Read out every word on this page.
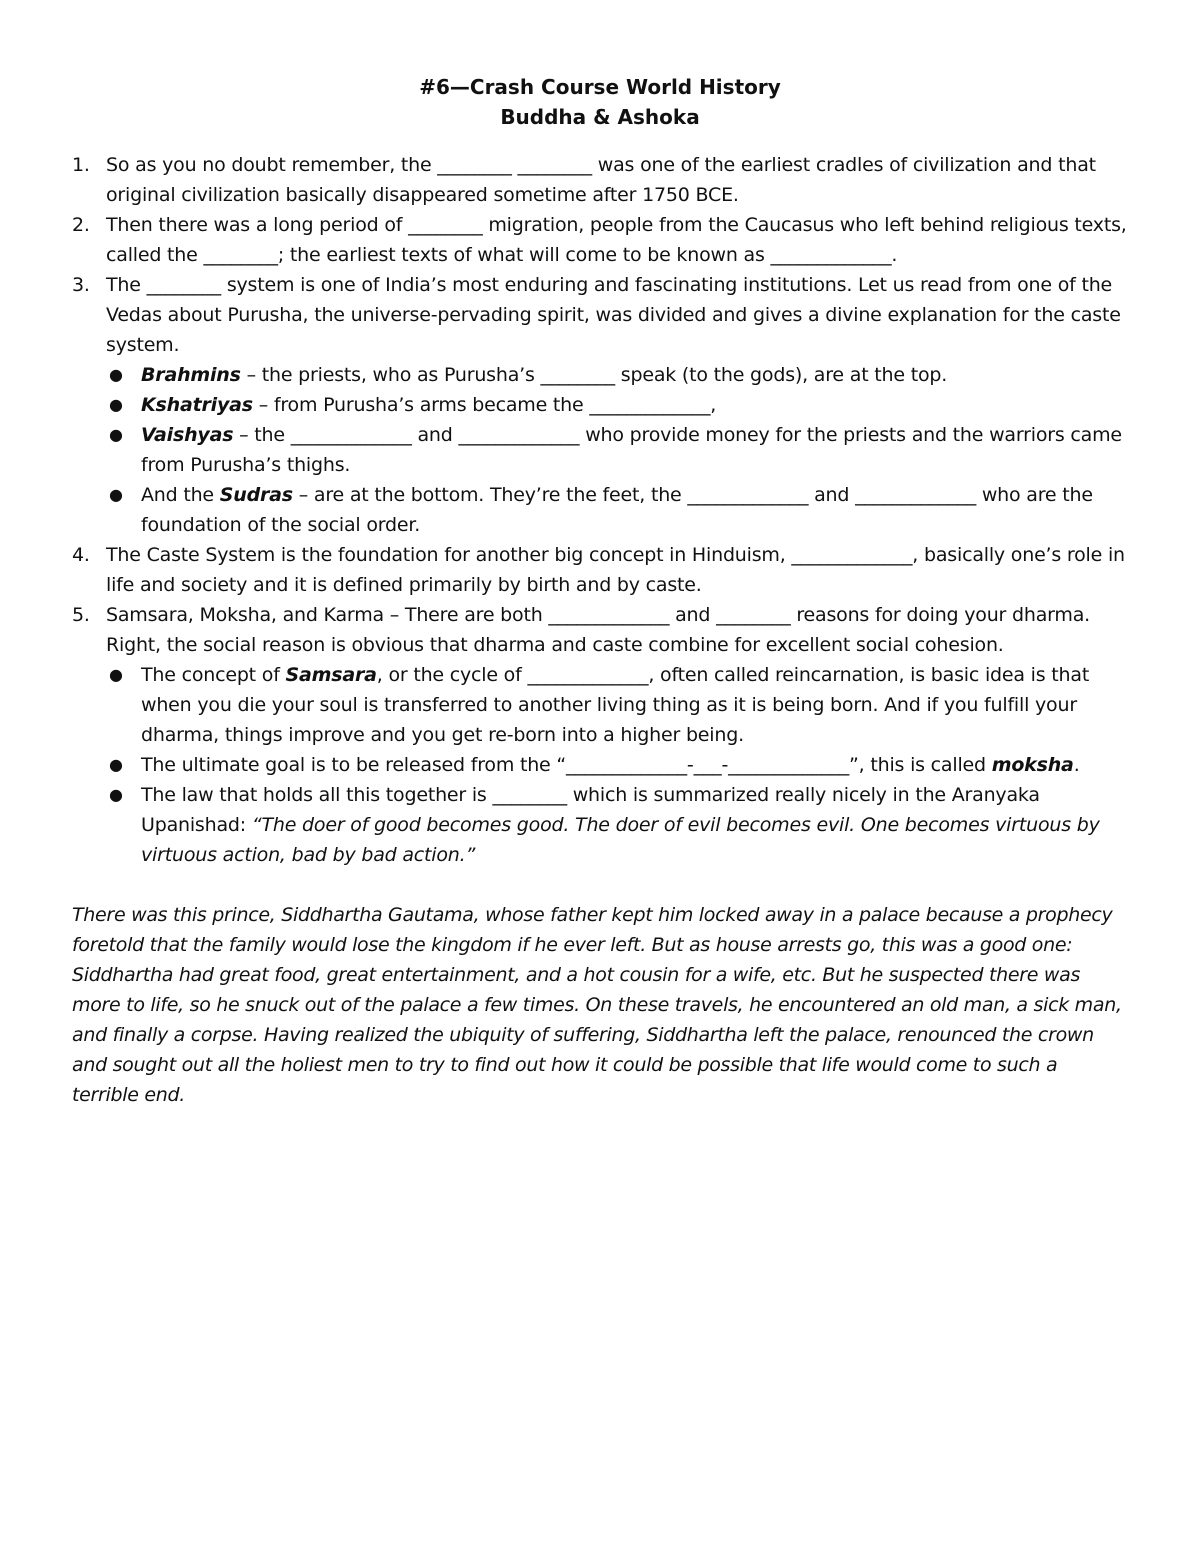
#6—Crash Course World History

Buddha & Ashoka

1. So as you no doubt remember, the ________ ________ was one of the earliest cradles of civilization and that original civilization basically disappeared sometime after 1750 BCE.
2. Then there was a long period of ________ migration, people from the Caucasus who left behind religious texts, called the ________; the earliest texts of what will come to be known as _____________.
3. The ________ system is one of India’s most enduring and fascinating institutions. Let us read from one of the Vedas about Purusha, the universe-pervading spirit, was divided and gives a divine explanation for the caste system.
● Brahmins – the priests, who as Purusha’s ________ speak (to the gods), are at the top.
● Kshatriyas – from Purusha’s arms became the _____________,
● Vaishyas – the _____________ and _____________ who provide money for the priests and the warriors came from Purusha’s thighs.
● And the Sudras – are at the bottom. They’re the feet, the _____________ and _____________ who are the foundation of the social order.
4. The Caste System is the foundation for another big concept in Hinduism, _____________, basically one’s role in life and society and it is defined primarily by birth and by caste.
5. Samsara, Moksha, and Karma – There are both _____________ and ________ reasons for doing your dharma. Right, the social reason is obvious that dharma and caste combine for excellent social cohesion.
● The concept of Samsara, or the cycle of _____________, often called reincarnation, is basic idea is that when you die your soul is transferred to another living thing as it is being born. And if you fulfill your dharma, things improve and you get re-born into a higher being.
● The ultimate goal is to be released from the “_____________-___-_____________”, this is called moksha.
● The law that holds all this together is ________ which is summarized really nicely in the Aranyaka Upanishad: “The doer of good becomes good. The doer of evil becomes evil. One becomes virtuous by virtuous action, bad by bad action.”

There was this prince, Siddhartha Gautama, whose father kept him locked away in a palace because a prophecy foretold that the family would lose the kingdom if he ever left. But as house arrests go, this was a good one: Siddhartha had great food, great entertainment, and a hot cousin for a wife, etc. But he suspected there was more to life, so he snuck out of the palace a few times. On these travels, he encountered an old man, a sick man, and finally a corpse. Having realized the ubiquity of suffering, Siddhartha left the palace, renounced the crown and sought out all the holiest men to try to find out how it could be possible that life would come to such a terrible end.
